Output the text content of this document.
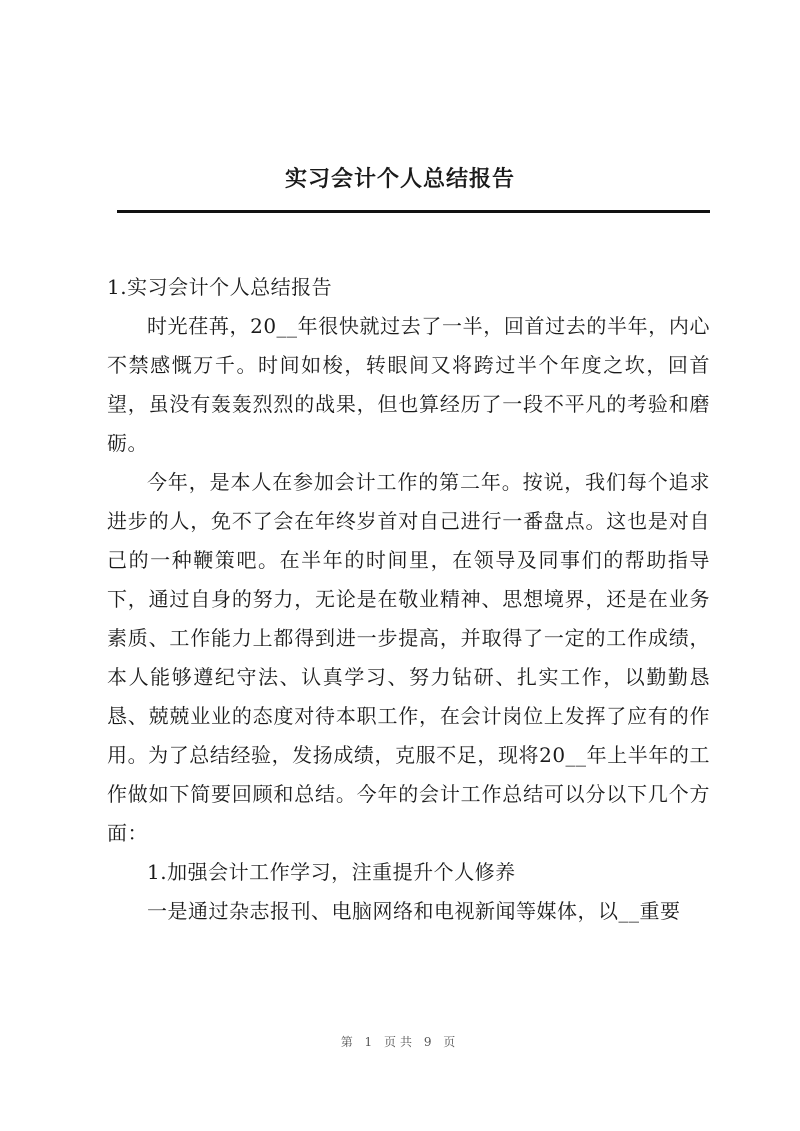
实习会计个人总结报告

1.实习会计个人总结报告

时光荏苒，20__年很快就过去了一半，回首过去的半年，内心不禁感慨万千。时间如梭，转眼间又将跨过半个年度之坎，回首望，虽没有轰轰烈烈的战果，但也算经历了一段不平凡的考验和磨砺。

今年，是本人在参加会计工作的第二年。按说，我们每个追求进步的人，免不了会在年终岁首对自己进行一番盘点。这也是对自己的一种鞭策吧。在半年的时间里，在领导及同事们的帮助指导下，通过自身的努力，无论是在敬业精神、思想境界，还是在业务素质、工作能力上都得到进一步提高，并取得了一定的工作成绩，本人能够遵纪守法、认真学习、努力钻研、扎实工作，以勤勤恳恳、兢兢业业的态度对待本职工作，在会计岗位上发挥了应有的作用。为了总结经验，发扬成绩，克服不足，现将20__年上半年的工作做如下简要回顾和总结。今年的会计工作总结可以分以下几个方面：

1.加强会计工作学习，注重提升个人修养

一是通过杂志报刊、电脑网络和电视新闻等媒体，以__重要

第 1 页共 9 页
